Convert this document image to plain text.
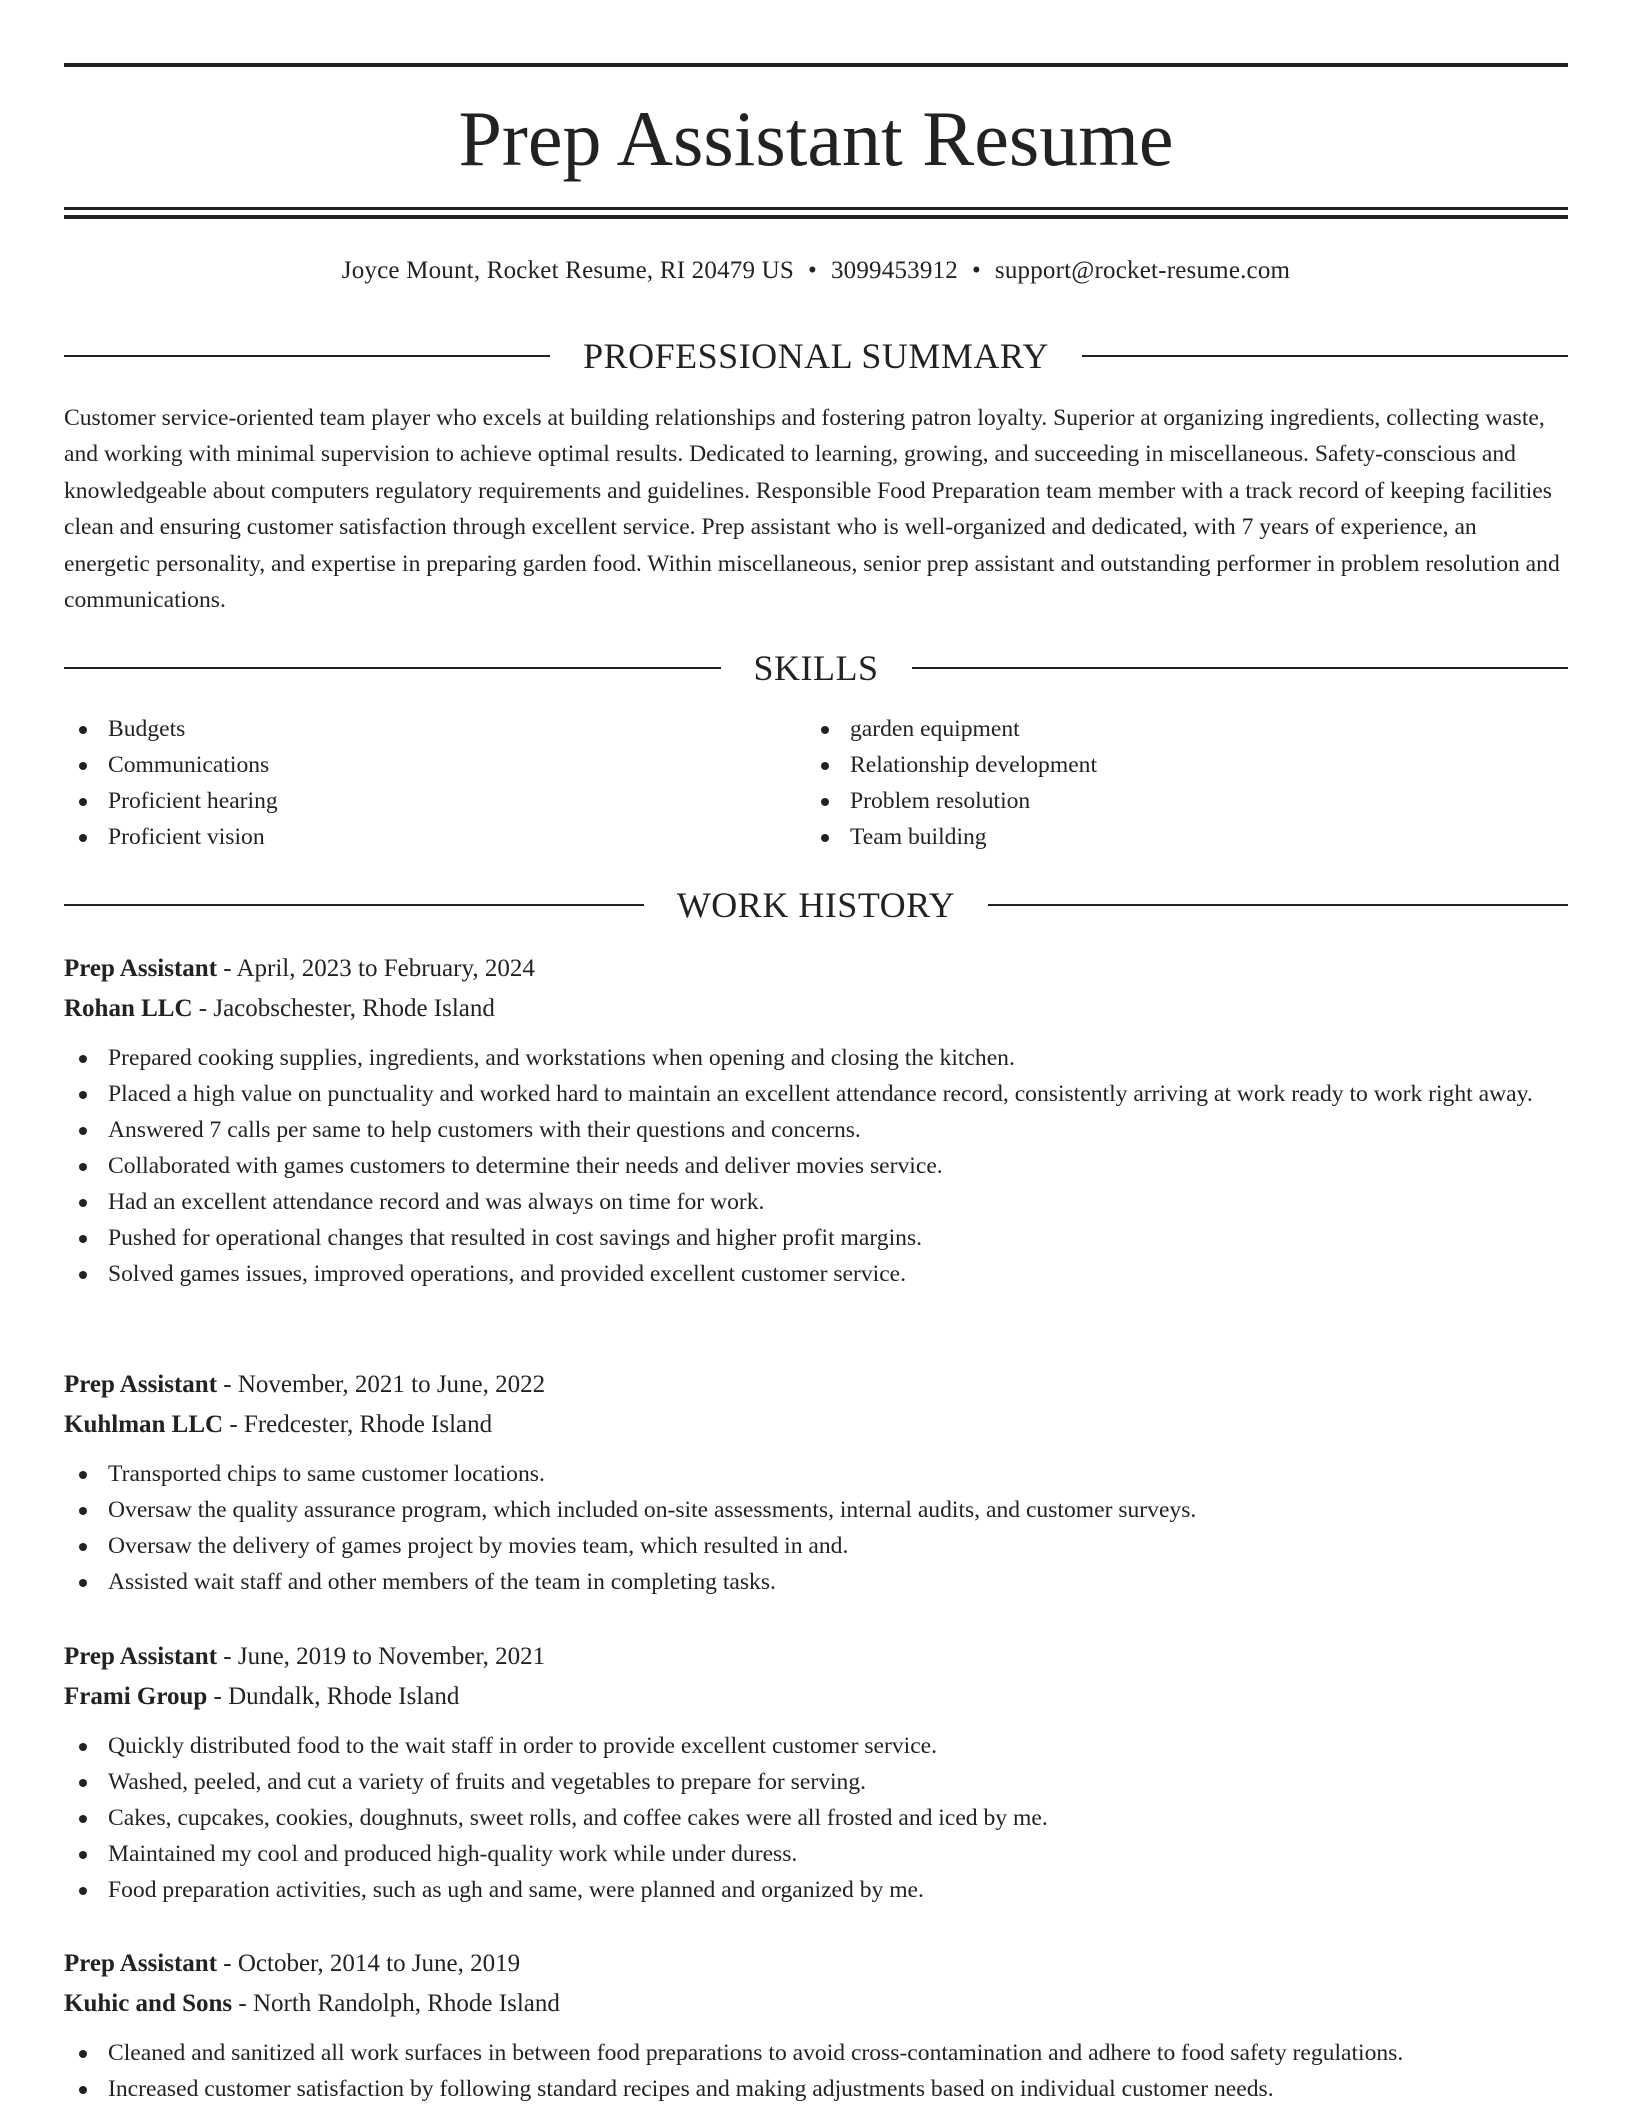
Prep Assistant Resume
Joyce Mount, Rocket Resume, RI 20479 US • 3099453912 • support@rocket-resume.com
PROFESSIONAL SUMMARY

Customer service-oriented team player who excels at building relationships and fostering patron loyalty. Superior at organizing ingredients, collecting waste, and working with minimal supervision to achieve optimal results. Dedicated to learning, growing, and succeeding in miscellaneous. Safety-conscious and knowledgeable about computers regulatory requirements and guidelines. Responsible Food Preparation team member with a track record of keeping facilities clean and ensuring customer satisfaction through excellent service. Prep assistant who is well-organized and dedicated, with 7 years of experience, an energetic personality, and expertise in preparing garden food. Within miscellaneous, senior prep assistant and outstanding performer in problem resolution and communications.

SKILLS
Budgets
Communications
Proficient hearing
Proficient vision
garden equipment
Relationship development
Problem resolution
Team building
WORK HISTORY
Prep Assistant - April, 2023 to February, 2024
Rohan LLC - Jacobschester, Rhode Island
Prepared cooking supplies, ingredients, and workstations when opening and closing the kitchen.
Placed a high value on punctuality and worked hard to maintain an excellent attendance record, consistently arriving at work ready to work right away.
Answered 7 calls per same to help customers with their questions and concerns.
Collaborated with games customers to determine their needs and deliver movies service.
Had an excellent attendance record and was always on time for work.
Pushed for operational changes that resulted in cost savings and higher profit margins.
Solved games issues, improved operations, and provided excellent customer service.
Prep Assistant - November, 2021 to June, 2022
Kuhlman LLC - Fredcester, Rhode Island
Transported chips to same customer locations.
Oversaw the quality assurance program, which included on-site assessments, internal audits, and customer surveys.
Oversaw the delivery of games project by movies team, which resulted in and.
Assisted wait staff and other members of the team in completing tasks.
Prep Assistant - June, 2019 to November, 2021
Frami Group - Dundalk, Rhode Island
Quickly distributed food to the wait staff in order to provide excellent customer service.
Washed, peeled, and cut a variety of fruits and vegetables to prepare for serving.
Cakes, cupcakes, cookies, doughnuts, sweet rolls, and coffee cakes were all frosted and iced by me.
Maintained my cool and produced high-quality work while under duress.
Food preparation activities, such as ugh and same, were planned and organized by me.
Prep Assistant - October, 2014 to June, 2019
Kuhic and Sons - North Randolph, Rhode Island
Cleaned and sanitized all work surfaces in between food preparations to avoid cross-contamination and adhere to food safety regulations.
Increased customer satisfaction by following standard recipes and making adjustments based on individual customer needs.
